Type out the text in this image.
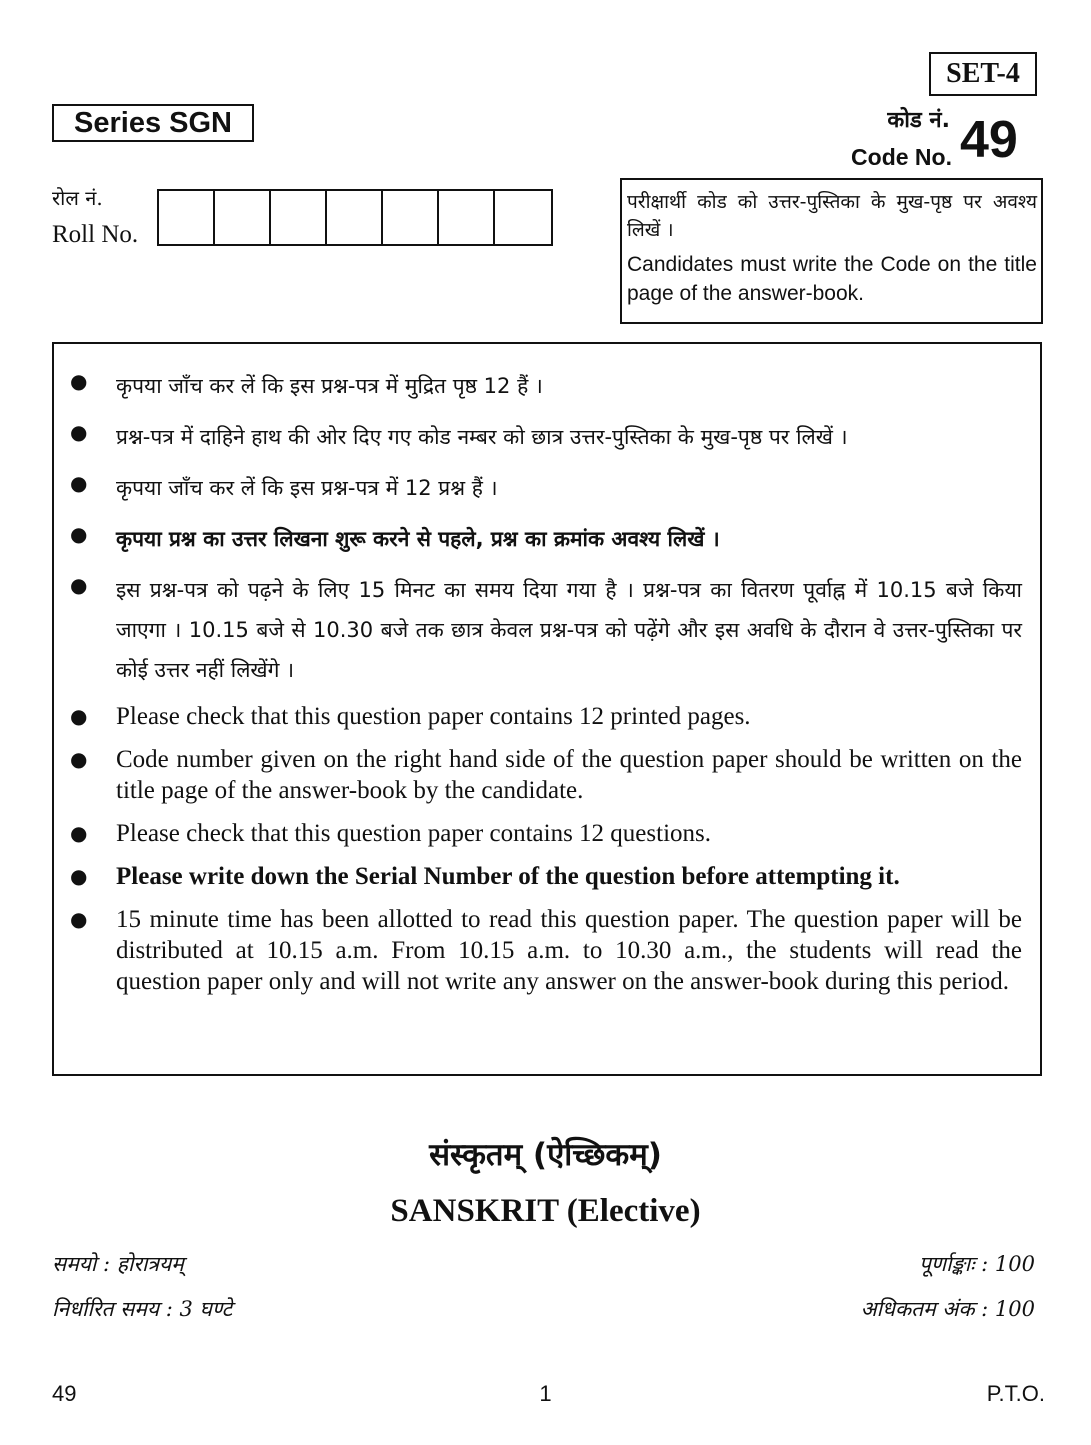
SET-4
Series SGN	कोड नं.
Code No. 49
रोल नं.
Roll No.
परीक्षार्थी कोड को उत्तर-पुस्तिका के मुख-पृष्ठ पर अवश्य लिखें ।
Candidates must write the Code on the title page of the answer-book.
●	कृपया जाँच कर लें कि इस प्रश्न-पत्र में मुद्रित पृष्ठ 12 हैं ।
●	प्रश्न-पत्र में दाहिने हाथ की ओर दिए गए कोड नम्बर को छात्र उत्तर-पुस्तिका के मुख-पृष्ठ पर लिखें ।
●	कृपया जाँच कर लें कि इस प्रश्न-पत्र में 12 प्रश्न हैं ।
●	कृपया प्रश्न का उत्तर लिखना शुरू करने से पहले, प्रश्न का क्रमांक अवश्य लिखें ।
●	इस प्रश्न-पत्र को पढ़ने के लिए 15 मिनट का समय दिया गया है । प्रश्न-पत्र का वितरण पूर्वाह्न में 10.15 बजे किया जाएगा । 10.15 बजे से 10.30 बजे तक छात्र केवल प्रश्न-पत्र को पढ़ेंगे और इस अवधि के दौरान वे उत्तर-पुस्तिका पर कोई उत्तर नहीं लिखेंगे ।
●	Please check that this question paper contains 12 printed pages.
●	Code number given on the right hand side of the question paper should be written on the title page of the answer-book by the candidate.
●	Please check that this question paper contains 12 questions.
●	Please write down the Serial Number of the question before attempting it.
●	15 minute time has been allotted to read this question paper. The question paper will be distributed at 10.15 a.m. From 10.15 a.m. to 10.30 a.m., the students will read the question paper only and will not write any answer on the answer-book during this period.
संस्कृतम् (ऐच्छिकम्)
SANSKRIT (Elective)
समयो : होरात्रयम्
निर्धारित समय : 3 घण्टे
पूर्णाङ्काः : 100
अधिकतम अंक : 100
49	1	P.T.O.
